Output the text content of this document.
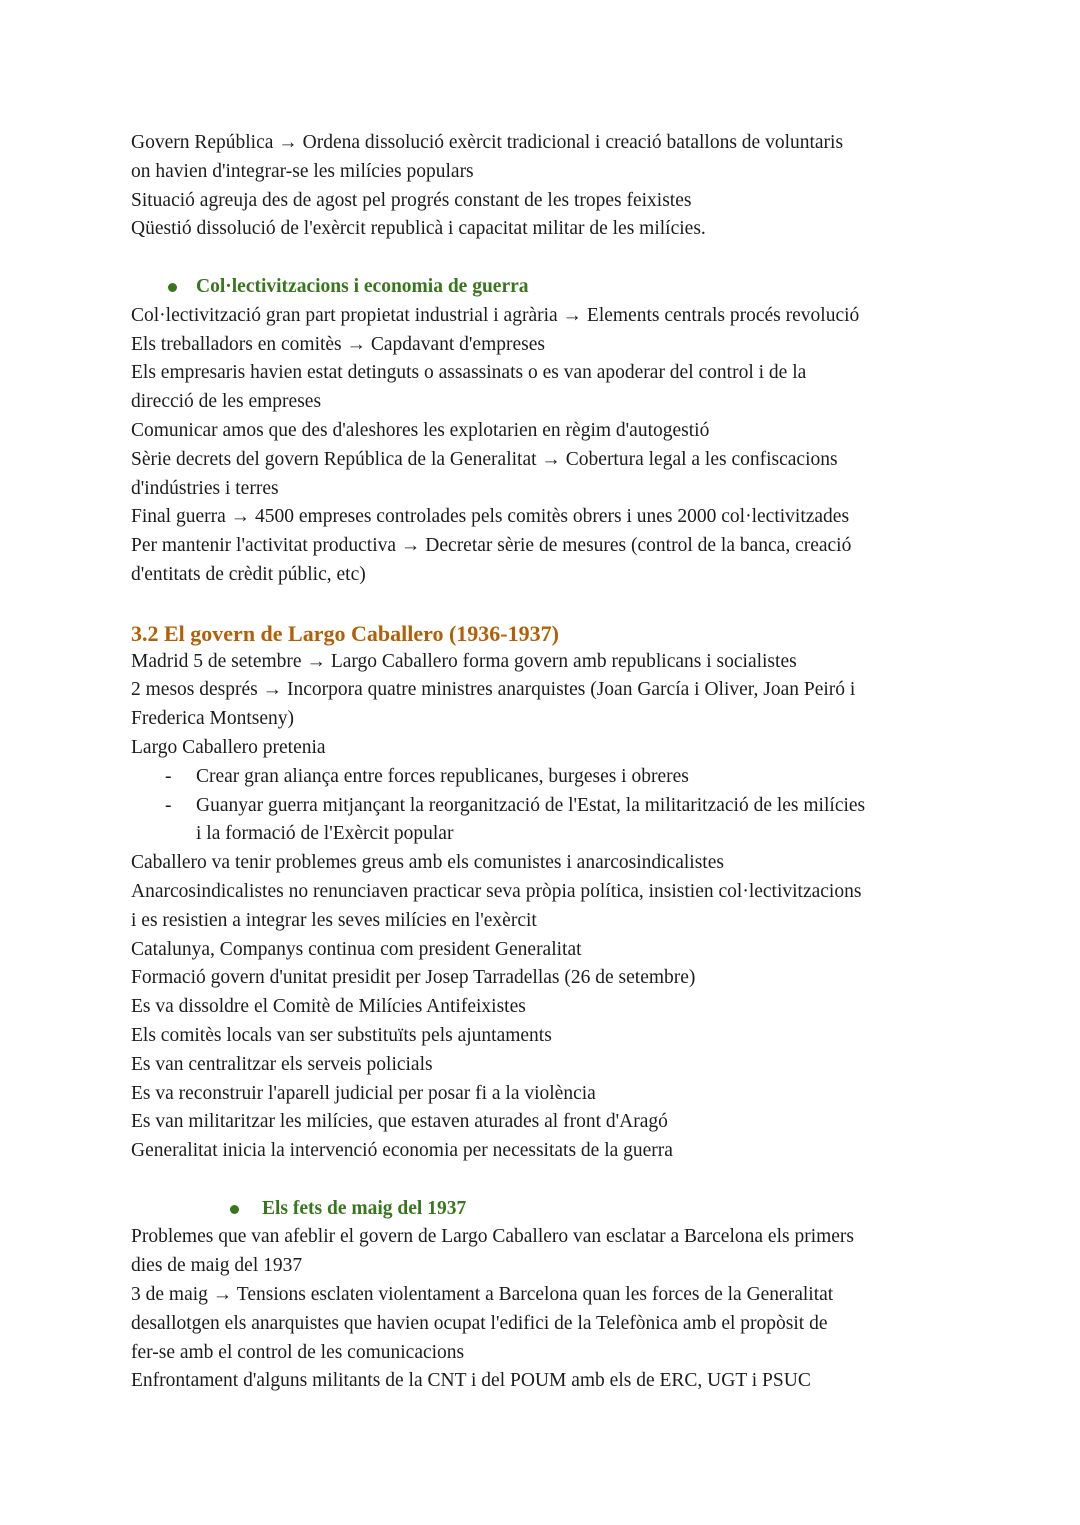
Govern República → Ordena dissolució exèrcit tradicional i creació batallons de voluntaris
on havien d'integrar-se les milícies populars
Situació agreuja des de agost pel progrés constant de les tropes feixistes
Qüestió dissolució de l'exèrcit republicà i capacitat militar de les milícies.
Col·lectivitzacions i economia de guerra
Col·lectivització gran part propietat industrial i agrària → Elements centrals procés revolució
Els treballadors en comitès → Capdavant d'empreses
Els empresaris havien estat detinguts o assassinats o es van apoderar del control i de la
direcció de les empreses
Comunicar amos que des d'aleshores les explotarien en règim d'autogestió
Sèrie decrets del govern República de la Generalitat → Cobertura legal a les confiscacions
d'indústries i terres
Final guerra → 4500 empreses controlades pels comitès obrers i unes 2000 col·lectivitzades
Per mantenir l'activitat productiva → Decretar sèrie de mesures (control de la banca, creació
d'entitats de crèdit públic, etc)
3.2 El govern de Largo Caballero (1936-1937)
Madrid 5 de setembre → Largo Caballero forma govern amb republicans i socialistes
2 mesos després → Incorpora quatre ministres anarquistes (Joan García i Oliver, Joan Peiró i
Frederica Montseny)
Largo Caballero pretenia
- Crear gran aliança entre forces republicanes, burgeses i obreres
- Guanyar guerra mitjançant la reorganització de l'Estat, la militarització de les milícies
i la formació de l'Exèrcit popular
Caballero va tenir problemes greus amb els comunistes i anarcosindicalistes
Anarcosindicalistes no renunciaven practicar seva pròpia política, insistien col·lectivitzacions
i es resistien a integrar les seves milícies en l'exèrcit
Catalunya, Companys continua com president Generalitat
Formació govern d'unitat presidit per Josep Tarradellas (26 de setembre)
Es va dissoldre el Comitè de Milícies Antifeixistes
Els comitès locals van ser substituïts pels ajuntaments
Es van centralitzar els serveis policials
Es va reconstruir l'aparell judicial per posar fi a la violència
Es van militaritzar les milícies, que estaven aturades al front d'Aragó
Generalitat inicia la intervenció economia per necessitats de la guerra
Els fets de maig del 1937
Problemes que van afeblir el govern de Largo Caballero van esclatar a Barcelona els primers
dies de maig del 1937
3 de maig → Tensions esclaten violentament a Barcelona quan les forces de la Generalitat
desallotgen els anarquistes que havien ocupat l'edifici de la Telefònica amb el propòsit de
fer-se amb el control de les comunicacions
Enfrontament d'alguns militants de la CNT i del POUM amb els de ERC, UGT i PSUC
